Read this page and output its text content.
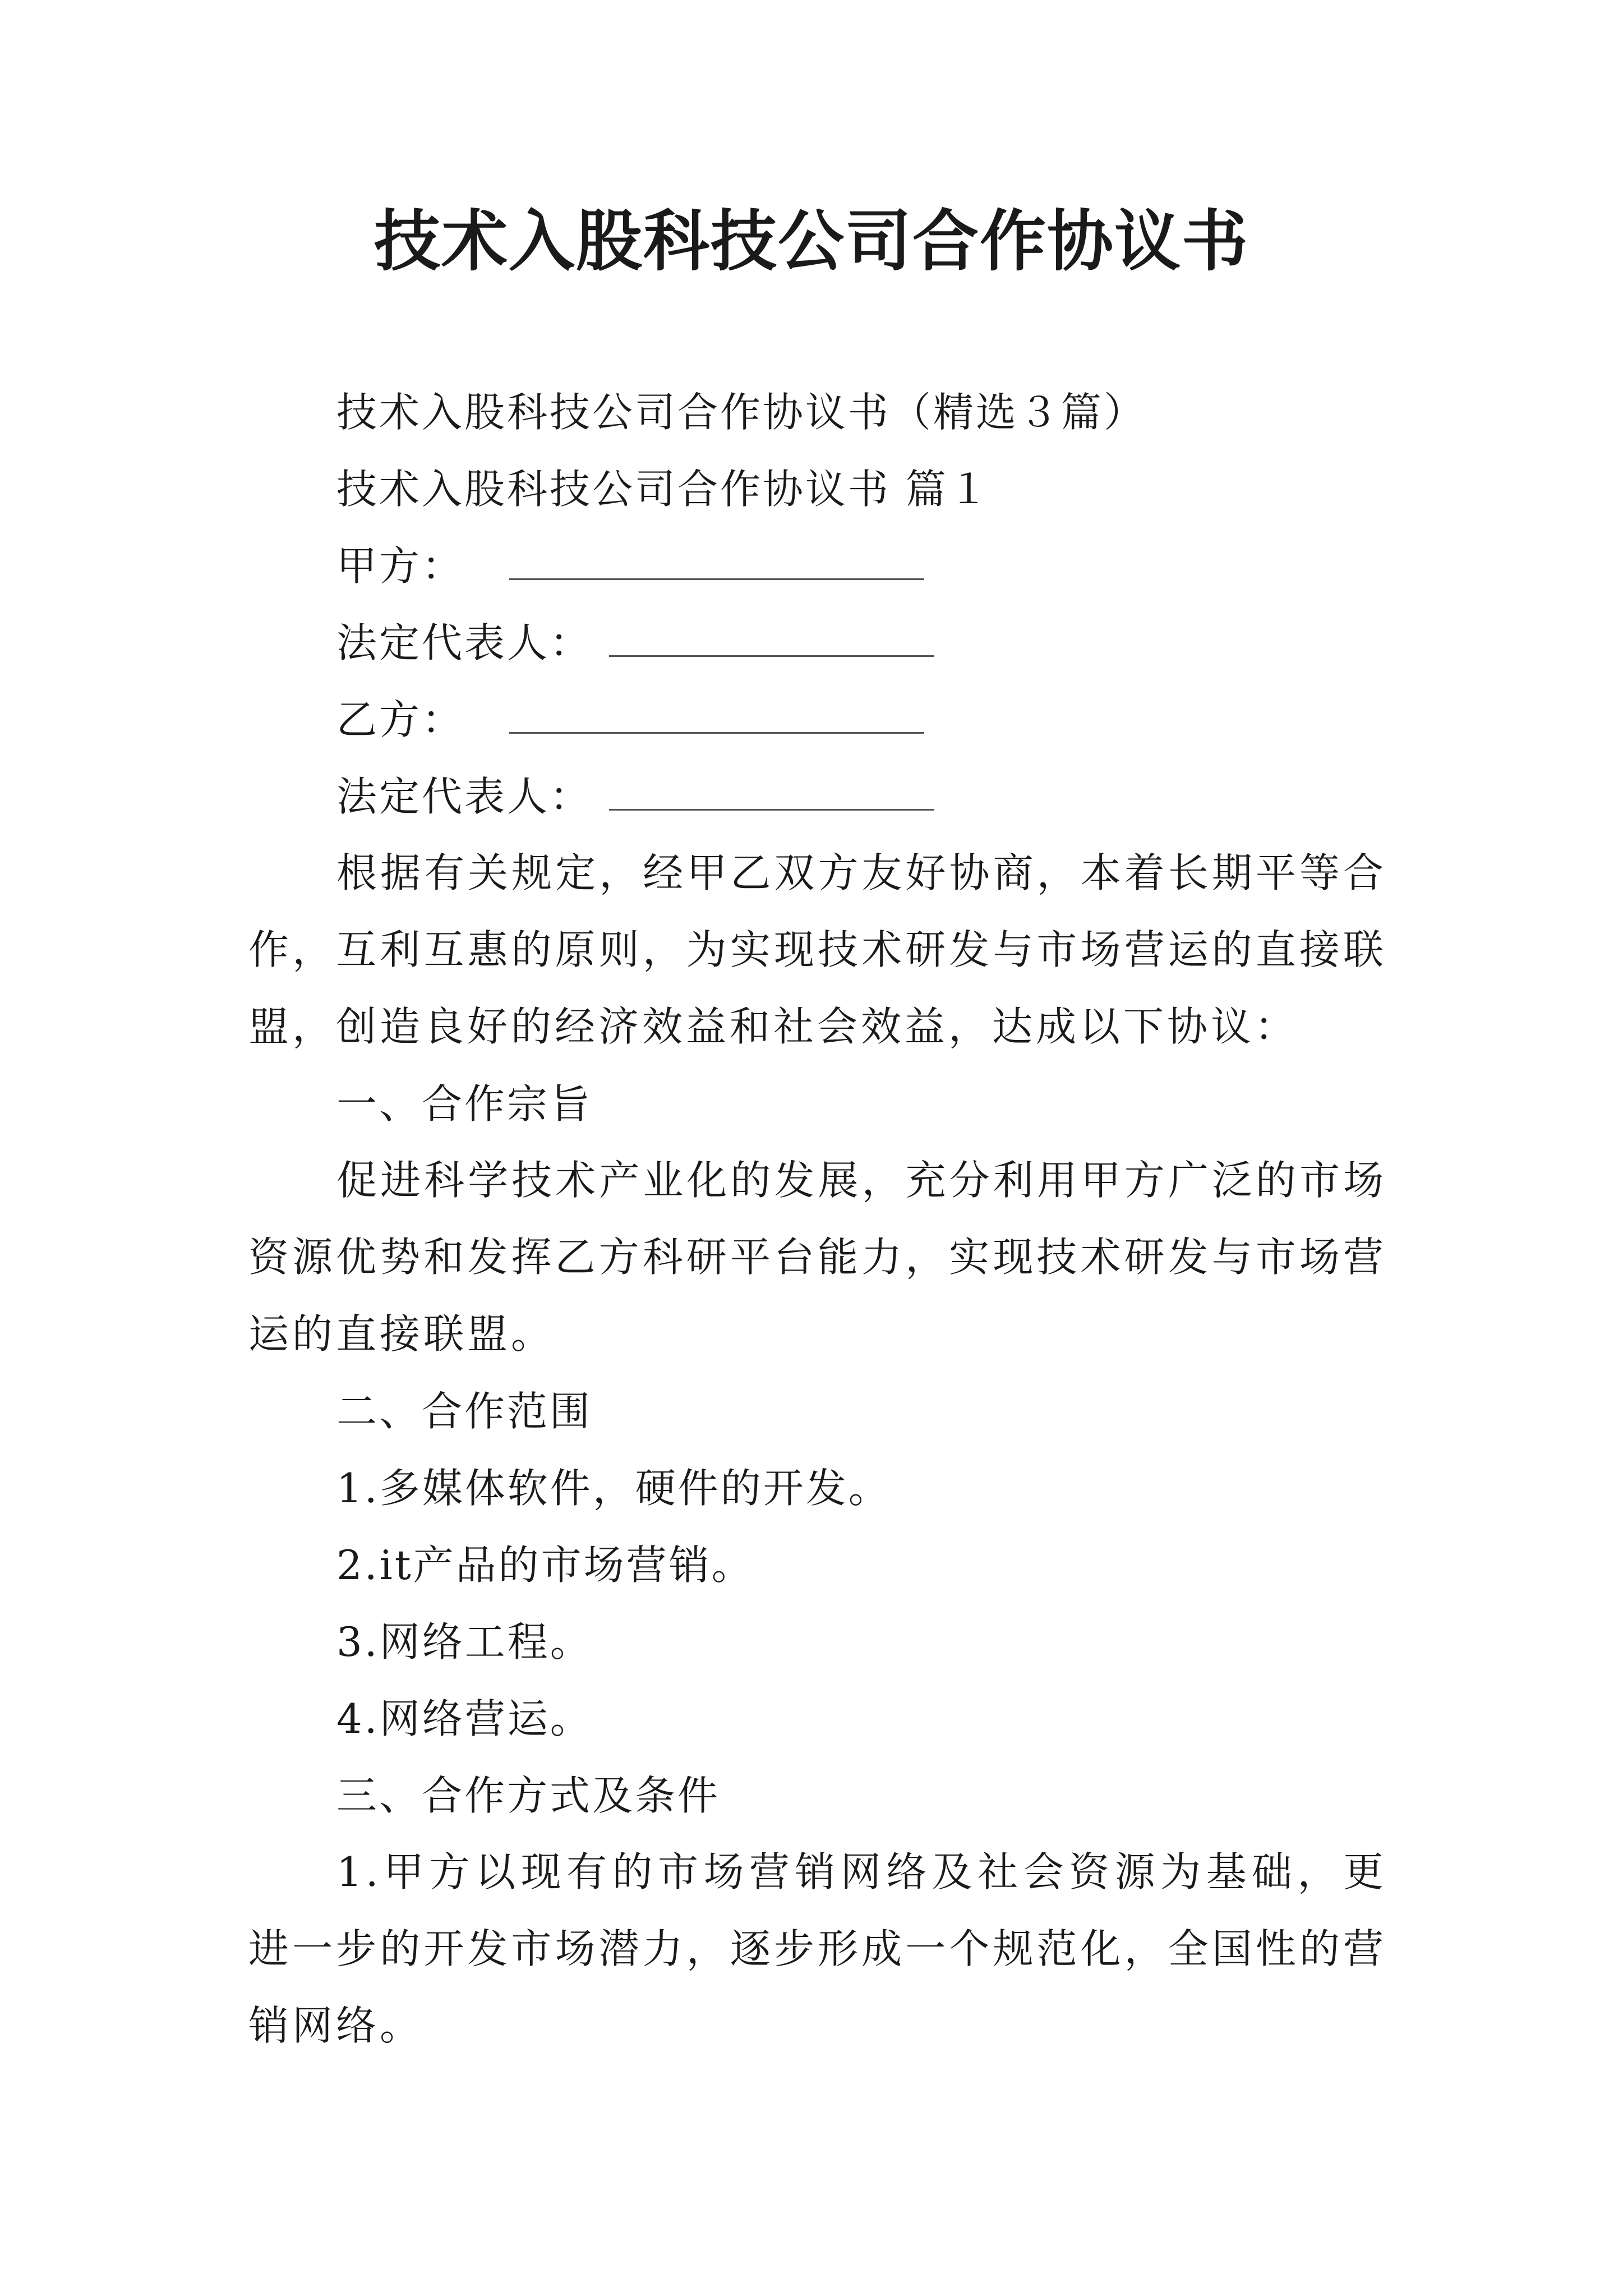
技术入股科技公司合作协议书
技术入股科技公司合作协议书（精选３篇）
技术入股科技公司合作协议书 篇１
甲方：
法定代表人：
乙方：
法定代表人：
根据有关规定，经甲乙双方友好协商，本着长期平等合作，互利互惠的原则，为实现技术研发与市场营运的直接联盟，创造良好的经济效益和社会效益，达成以下协议：
一、合作宗旨
促进科学技术产业化的发展，充分利用甲方广泛的市场资源优势和发挥乙方科研平台能力，实现技术研发与市场营运的直接联盟。
二、合作范围
1.多媒体软件，硬件的开发。
2.it产品的市场营销。
3.网络工程。
4.网络营运。
三、合作方式及条件
1.甲方以现有的市场营销网络及社会资源为基础，更进一步的开发市场潜力，逐步形成一个规范化，全国性的营销网络。
